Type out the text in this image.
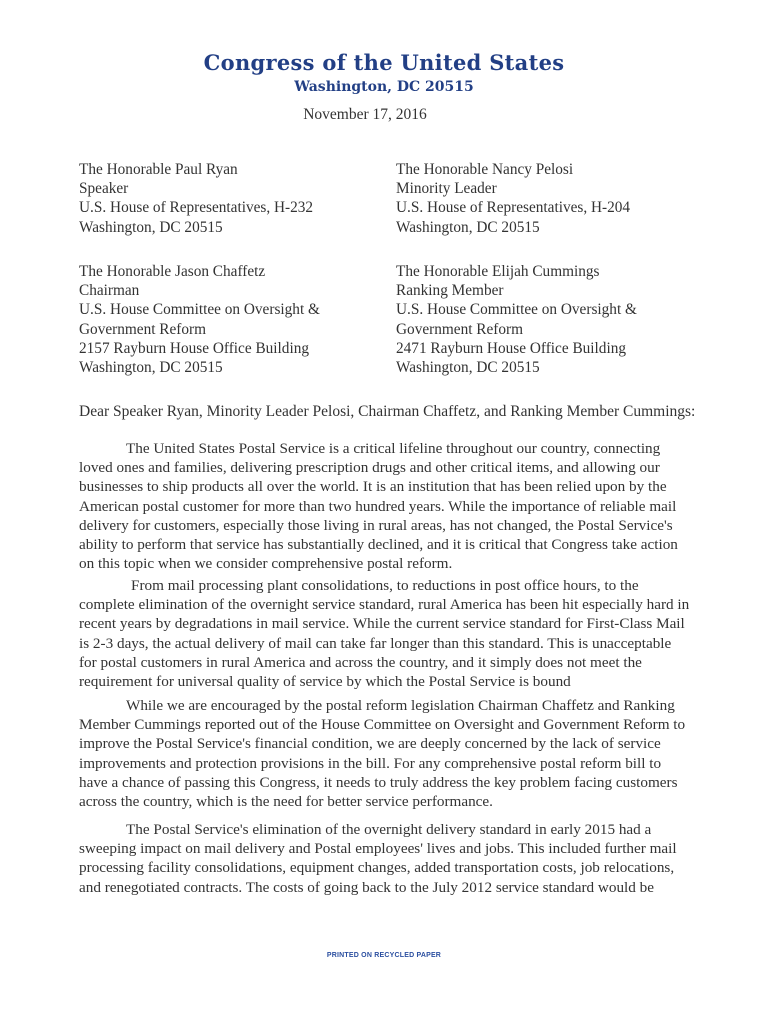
Congress of the United States
Washington, DC 20515
November 17, 2016
The Honorable Paul Ryan
Speaker
U.S. House of Representatives, H-232
Washington, DC 20515
The Honorable Nancy Pelosi
Minority Leader
U.S. House of Representatives, H-204
Washington, DC 20515
The Honorable Jason Chaffetz
Chairman
U.S. House Committee on Oversight &
Government Reform
2157 Rayburn House Office Building
Washington, DC 20515
The Honorable Elijah Cummings
Ranking Member
U.S. House Committee on Oversight &
Government Reform
2471 Rayburn House Office Building
Washington, DC 20515
Dear Speaker Ryan, Minority Leader Pelosi, Chairman Chaffetz, and Ranking Member Cummings:
The United States Postal Service is a critical lifeline throughout our country, connecting
loved ones and families, delivering prescription drugs and other critical items, and allowing our
businesses to ship products all over the world. It is an institution that has been relied upon by the
American postal customer for more than two hundred years. While the importance of reliable mail
delivery for customers, especially those living in rural areas, has not changed, the Postal Service's
ability to perform that service has substantially declined, and it is critical that Congress take action
on this topic when we consider comprehensive postal reform.
From mail processing plant consolidations, to reductions in post office hours, to the
complete elimination of the overnight service standard, rural America has been hit especially hard in
recent years by degradations in mail service. While the current service standard for First-Class Mail
is 2-3 days, the actual delivery of mail can take far longer than this standard. This is unacceptable
for postal customers in rural America and across the country, and it simply does not meet the
requirement for universal quality of service by which the Postal Service is bound
While we are encouraged by the postal reform legislation Chairman Chaffetz and Ranking
Member Cummings reported out of the House Committee on Oversight and Government Reform to
improve the Postal Service's financial condition, we are deeply concerned by the lack of service
improvements and protection provisions in the bill. For any comprehensive postal reform bill to
have a chance of passing this Congress, it needs to truly address the key problem facing customers
across the country, which is the need for better service performance.
The Postal Service's elimination of the overnight delivery standard in early 2015 had a
sweeping impact on mail delivery and Postal employees' lives and jobs. This included further mail
processing facility consolidations, equipment changes, added transportation costs, job relocations,
and renegotiated contracts. The costs of going back to the July 2012 service standard would be
PRINTED ON RECYCLED PAPER
